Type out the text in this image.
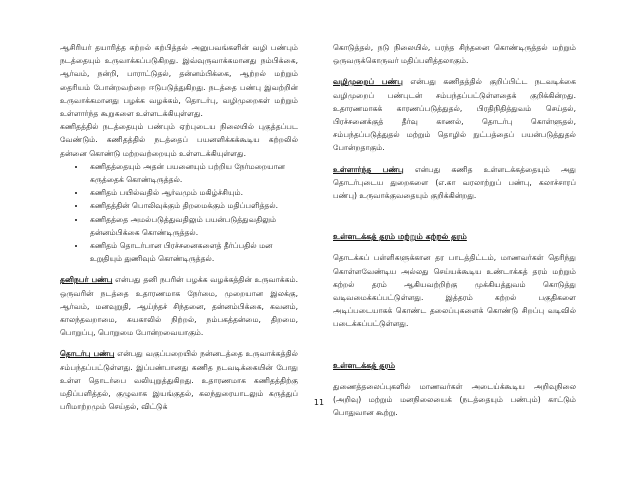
ஆசிரியர் தயாரித்த கற்றல் கற்பித்தல் அனுபவங்களின் வழி பண்பும் நடத்தையும் உருவாக்கப்படுகிறது. இவ்வுருவாக்கமானது நம்பிக்கை, ஆர்வம், நன்றி, பாராட்டுதல், தன்னம்பிக்கை, ஆற்றல் மற்றும் தைரியம் போன்றவற்றை ஈடுபடுத்துகிறது. நடத்தை பண்பு இவற்றின் உருவாக்கமானது பழக்க வழக்கம், தொடர்பு, வழிமுறைகள் மற்றும் உள்ளார்ந்த கூறுகளை உள்ளடக்கியுள்ளது.

கணிதத்தில் நடத்தையும் பண்பும் ஏற்புடைய நிலையில் புகுத்தப்பட வேண்டும். கணிதத்தில் நடத்தைப் பயனளிக்கக்கூடிய கற்றலில் தன்னை கொண்டு மற்றவற்றையும் உள்ளடக்கியுள்ளது.

• கணிதத்தையும் அதன் பயனையும் பற்றிய நேர்மறையான கருத்தைக் கொண்டிருத்தல்.
• கணிதம் பயில்வதில் ஆர்வமும் மகிழ்ச்சியும்.
• கணிதத்தின் பொலிவுக்கும் திறமைக்கும் மதிப்பளித்தல்.
• கணிதத்தை அமல்படுத்துவதிலும் பயன்படுத்துவதிலும் தன்னம்பிக்கை கொண்டிருத்தல்.
• கணிதம் தொடர்பான பிரச்சனைகளைத் தீர்ப்பதில் மன உறுதியும் துணிவும் கொண்டிருத்தல்.

தனிநபர் பண்பு என்பது தனி நபரின் பழக்க வழக்கத்தின் உருவாக்கம். ஒருவரின் நடத்தை உதாரணமாக நேர்மை, முறையான இலக்கு, ஆர்வம், மனவுறுதி, ஆய்ந்தச் சிந்தனை, தன்னம்பிக்கை, கவனம், காலந்தவறாமை, சுயகாலில் நிற்றல், நம்பகத்தன்மை, திறமை, பொறுப்பு, பொறுமை போன்றவையாகும்.

தொடர்பு பண்பு என்பது வகுப்பறையில் நன்னடத்தை உருவாக்கத்தில் சம்பந்தப்பட்டுள்ளது. இப்பண்பானது கணித நடவடிக்கையின் போது உள்ள தொடர்பை வலியுறுத்துகிறது. உதாரணமாக கணிதத்திற்கு மதிப்பளித்தல், குழுவாக இயங்குதல், கலந்துரையாடலும் கருத்துப் பரிமாற்றமும் செய்தல், விட்டுக்

கொடுத்தல், நடு நிலையில், பரந்த சிந்தனை கொண்டிருத்தல் மற்றும் ஒருவருக்கொருவர் மதிப்பளித்தலாகும்.

வழிமுறைப் பண்பு என்பது கணிதத்தில் குறிப்பிட்ட நடவடிக்கை வழிமுறைப் பண்புடன் சம்பந்தப்பட்டுள்ளதைக் குறிக்கின்றது. உதாரணமாகக் காரணப்படுத்துதல், பிரதிநிதித்துவம் செய்தல், பிரச்சனைக்குத் தீர்வு காணல், தொடர்பு கொள்ளுதல், சம்பந்தப்படுத்துதல் மற்றும் தொழில் நுட்பத்தைப் பயன்படுத்துதல் போன்றதாகும்.

உள்ளார்ந்த பண்பு என்பது கணித உள்ளடக்கத்தையும் அது தொடர்புடைய துறைகளை (எ.கா வரலாற்றுப் பண்பு, கலாச்சாரப் பண்பு) உருவாக்குவதையும் குறிக்கின்றது.

உள்ளடக்கத் தரம் மற்றும் கற்றல் தரம்

தொடக்கப் பள்ளிகளுக்கான தர பாடத்திட்டம், மாணவர்கள் தெரிந்து கொள்ளவேண்டிய அல்லது செய்யக்கூடிய உண்டாக்கத் தரம் மற்றும் கற்றல் தரம் ஆகியவற்றிற்கு முக்கியத்துவம் கொடுத்து வடிவமைக்கப்பட்டுள்ளது. இத்தரம் கற்றல் பகுதிகளை அடிப்படையாகக் கொண்ட தலைப்புகளைக் கொண்டு சிறப்பு வடிவில் படைக்கப்பட்டுள்ளது.

உள்ளடக்கத் தரம்

துணைத்தலைப்புகளில் மாணவர்கள் அடைய்க்கூடிய அறிவுநிலை (அறிவு) மற்றும் மனநிலையைக் (நடத்தையும் பண்பும்) காட்டும் பொதுவான கூற்று.

11
